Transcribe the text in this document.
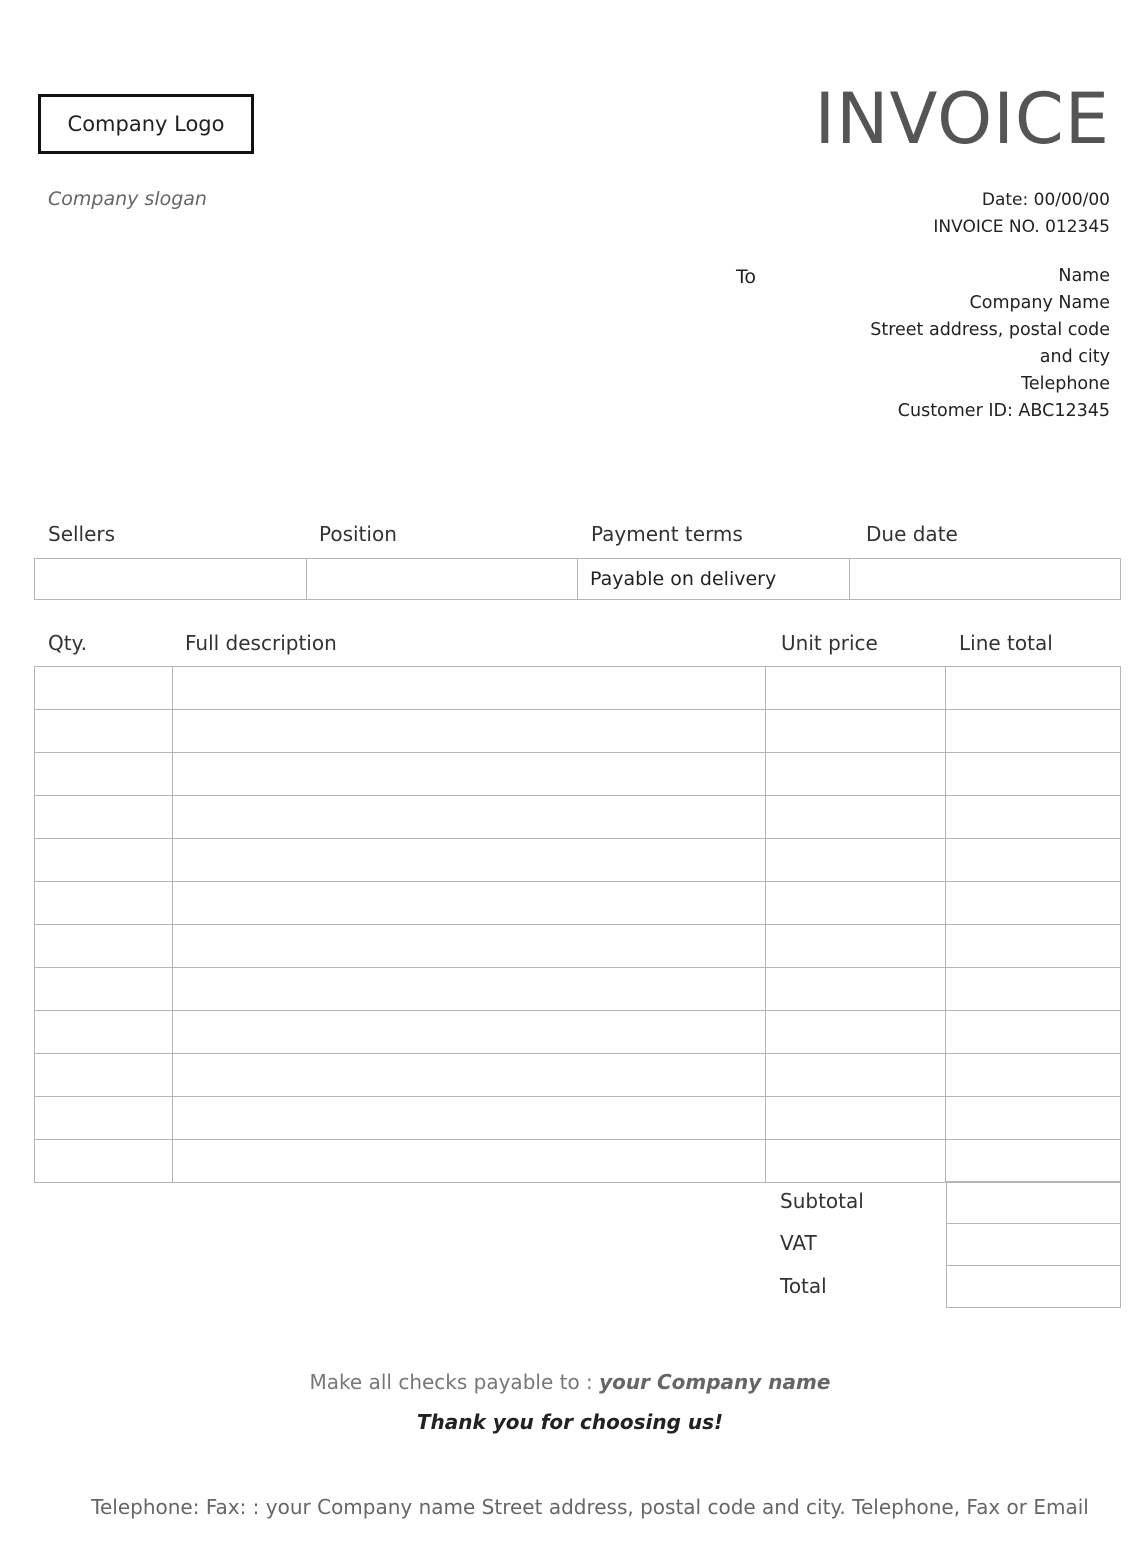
Company Logo	INVOICE
Company slogan	Date: 00/00/00
INVOICE NO. 012345
To	Name
Company Name
Street address, postal code
and city
Telephone
Customer ID: ABC12345
Sellers	Position	Payment terms	Due date
		Payable on delivery	
Qty.	Full description	Unit price	Line total

Subtotal
VAT
Total

Make all checks payable to : your Company name
Thank you for choosing us!
Telephone: Fax: : your Company name Street address, postal code and city. Telephone, Fax or Email
